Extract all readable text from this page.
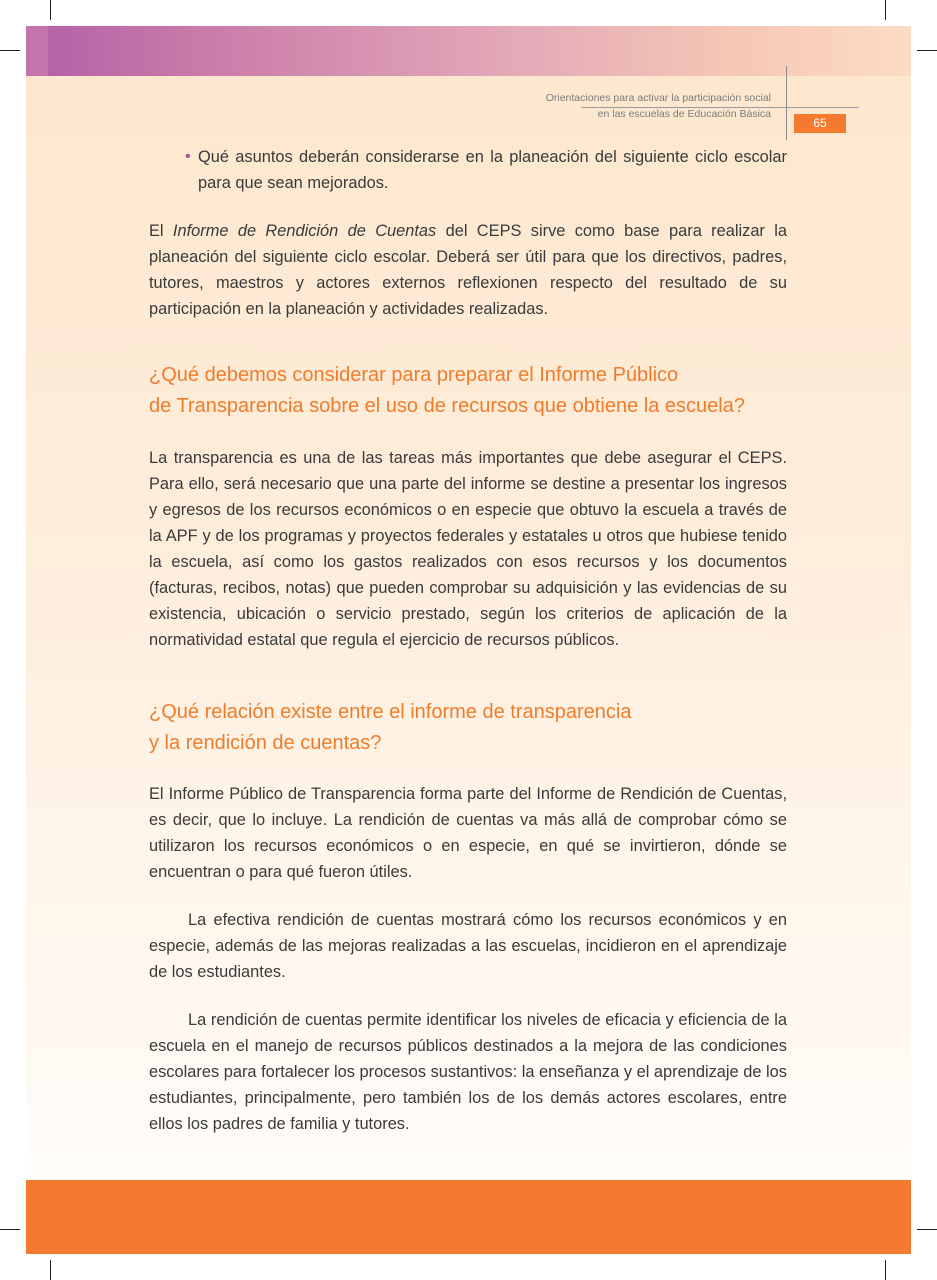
Orientaciones para activar la participación social
en las escuelas de Educación Básica
65
• Qué asuntos deberán considerarse en la planeación del siguiente ciclo escolar para que sean mejorados.

El Informe de Rendición de Cuentas del CEPS sirve como base para realizar la planeación del siguiente ciclo escolar. Deberá ser útil para que los directivos, padres, tutores, maestros y actores externos reflexionen respecto del resultado de su participación en la planeación y actividades realizadas.

¿Qué debemos considerar para preparar el Informe Público
de Transparencia sobre el uso de recursos que obtiene la escuela?

La transparencia es una de las tareas más importantes que debe asegurar el CEPS. Para ello, será necesario que una parte del informe se destine a presentar los ingresos y egresos de los recursos económicos o en especie que obtuvo la escuela a través de la APF y de los programas y proyectos federales y estatales u otros que hubiese tenido la escuela, así como los gastos realizados con esos recursos y los documentos (facturas, recibos, notas) que pueden comprobar su adquisición y las evidencias de su existencia, ubicación o servicio prestado, según los criterios de aplicación de la normatividad estatal que regula el ejercicio de recursos públicos.

¿Qué relación existe entre el informe de transparencia
y la rendición de cuentas?

El Informe Público de Transparencia forma parte del Informe de Rendición de Cuentas, es decir, que lo incluye. La rendición de cuentas va más allá de comprobar cómo se utilizaron los recursos económicos o en especie, en qué se invirtieron, dónde se encuentran o para qué fueron útiles.

La efectiva rendición de cuentas mostrará cómo los recursos económicos y en especie, además de las mejoras realizadas a las escuelas, incidieron en el aprendizaje de los estudiantes.

La rendición de cuentas permite identificar los niveles de eficacia y eficiencia de la escuela en el manejo de recursos públicos destinados a la mejora de las condiciones escolares para fortalecer los procesos sustantivos: la enseñanza y el aprendizaje de los estudiantes, principalmente, pero también los de los demás actores escolares, entre ellos los padres de familia y tutores.
